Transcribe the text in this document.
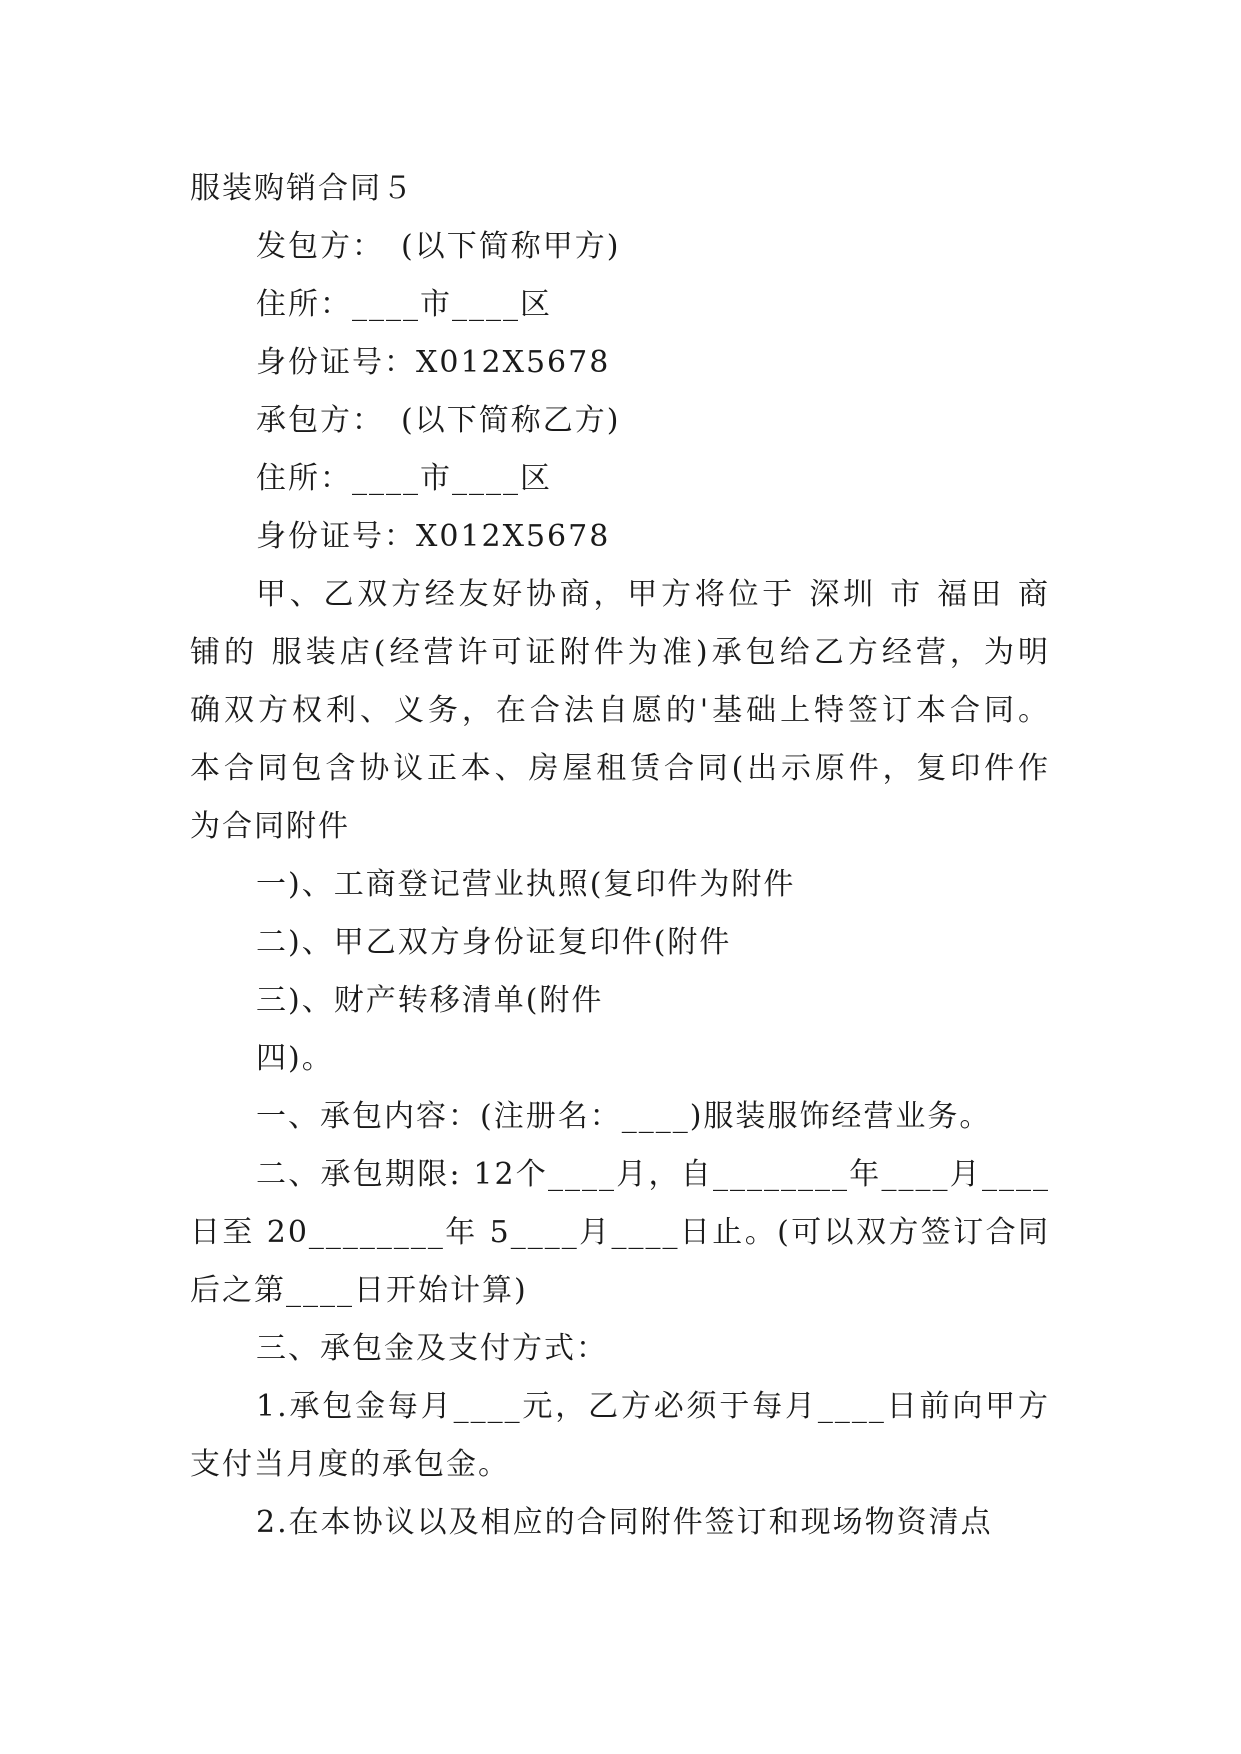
服装购销合同５

发包方：　(以下简称甲方)

住所：____市____区

身份证号：X012X5678

承包方：　(以下简称乙方)

住所：____市____区

身份证号：X012X5678

甲、乙双方经友好协商，甲方将位于 深圳 市 福田 商

铺的 服装店(经营许可证附件为准)承包给乙方经营，为明

确双方权利、义务，在合法自愿的'基础上特签订本合同。

本合同包含协议正本、房屋租赁合同(出示原件，复印件作

为合同附件

一)、工商登记营业执照(复印件为附件

二)、甲乙双方身份证复印件(附件

三)、财产转移清单(附件

四)。

一、承包内容：(注册名：____)服装服饰经营业务。

二、承包期限: 12个____月，自________年____月____

日至 20________年 5____月____日止。(可以双方签订合同

后之第____日开始计算)

三、承包金及支付方式：

1.承包金每月____元，乙方必须于每月____日前向甲方

支付当月度的承包金。

2.在本协议以及相应的合同附件签订和现场物资清点
